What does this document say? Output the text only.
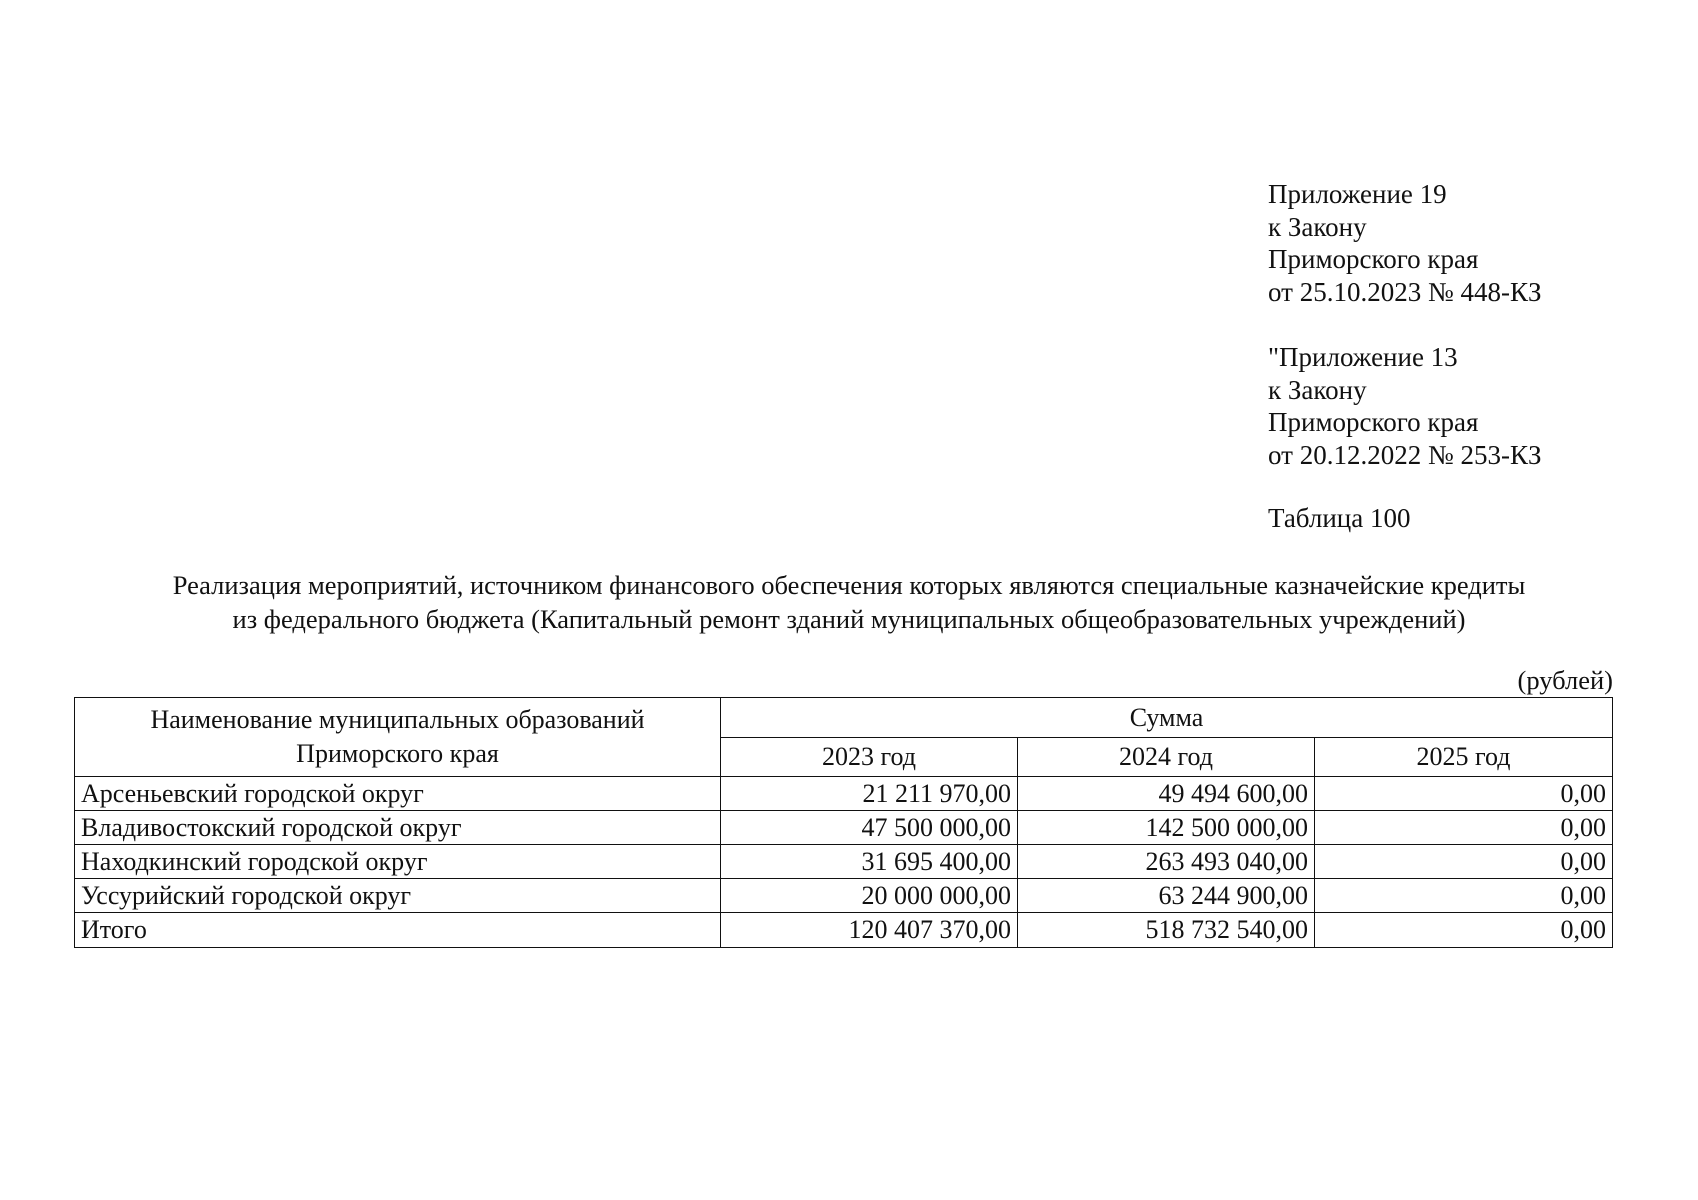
Приложение 19
к Закону
Приморского края
от 25.10.2023 № 448-КЗ
"Приложение 13
к Закону
Приморского края
от 20.12.2022 № 253-КЗ
Таблица 100
Реализация мероприятий, источником финансового обеспечения которых являются специальные казначейские кредиты
из федерального бюджета (Капитальный ремонт зданий муниципальных общеобразовательных учреждений)
(рублей)
Наименование муниципальных образований
Приморского края	Сумма		
	2023 год	2024 год	2025 год
Арсеньевский городской округ	21 211 970,00	49 494 600,00	0,00
Владивостокский городской округ	47 500 000,00	142 500 000,00	0,00
Находкинский городской округ	31 695 400,00	263 493 040,00	0,00
Уссурийский городской округ	20 000 000,00	63 244 900,00	0,00
Итого	120 407 370,00	518 732 540,00	0,00
